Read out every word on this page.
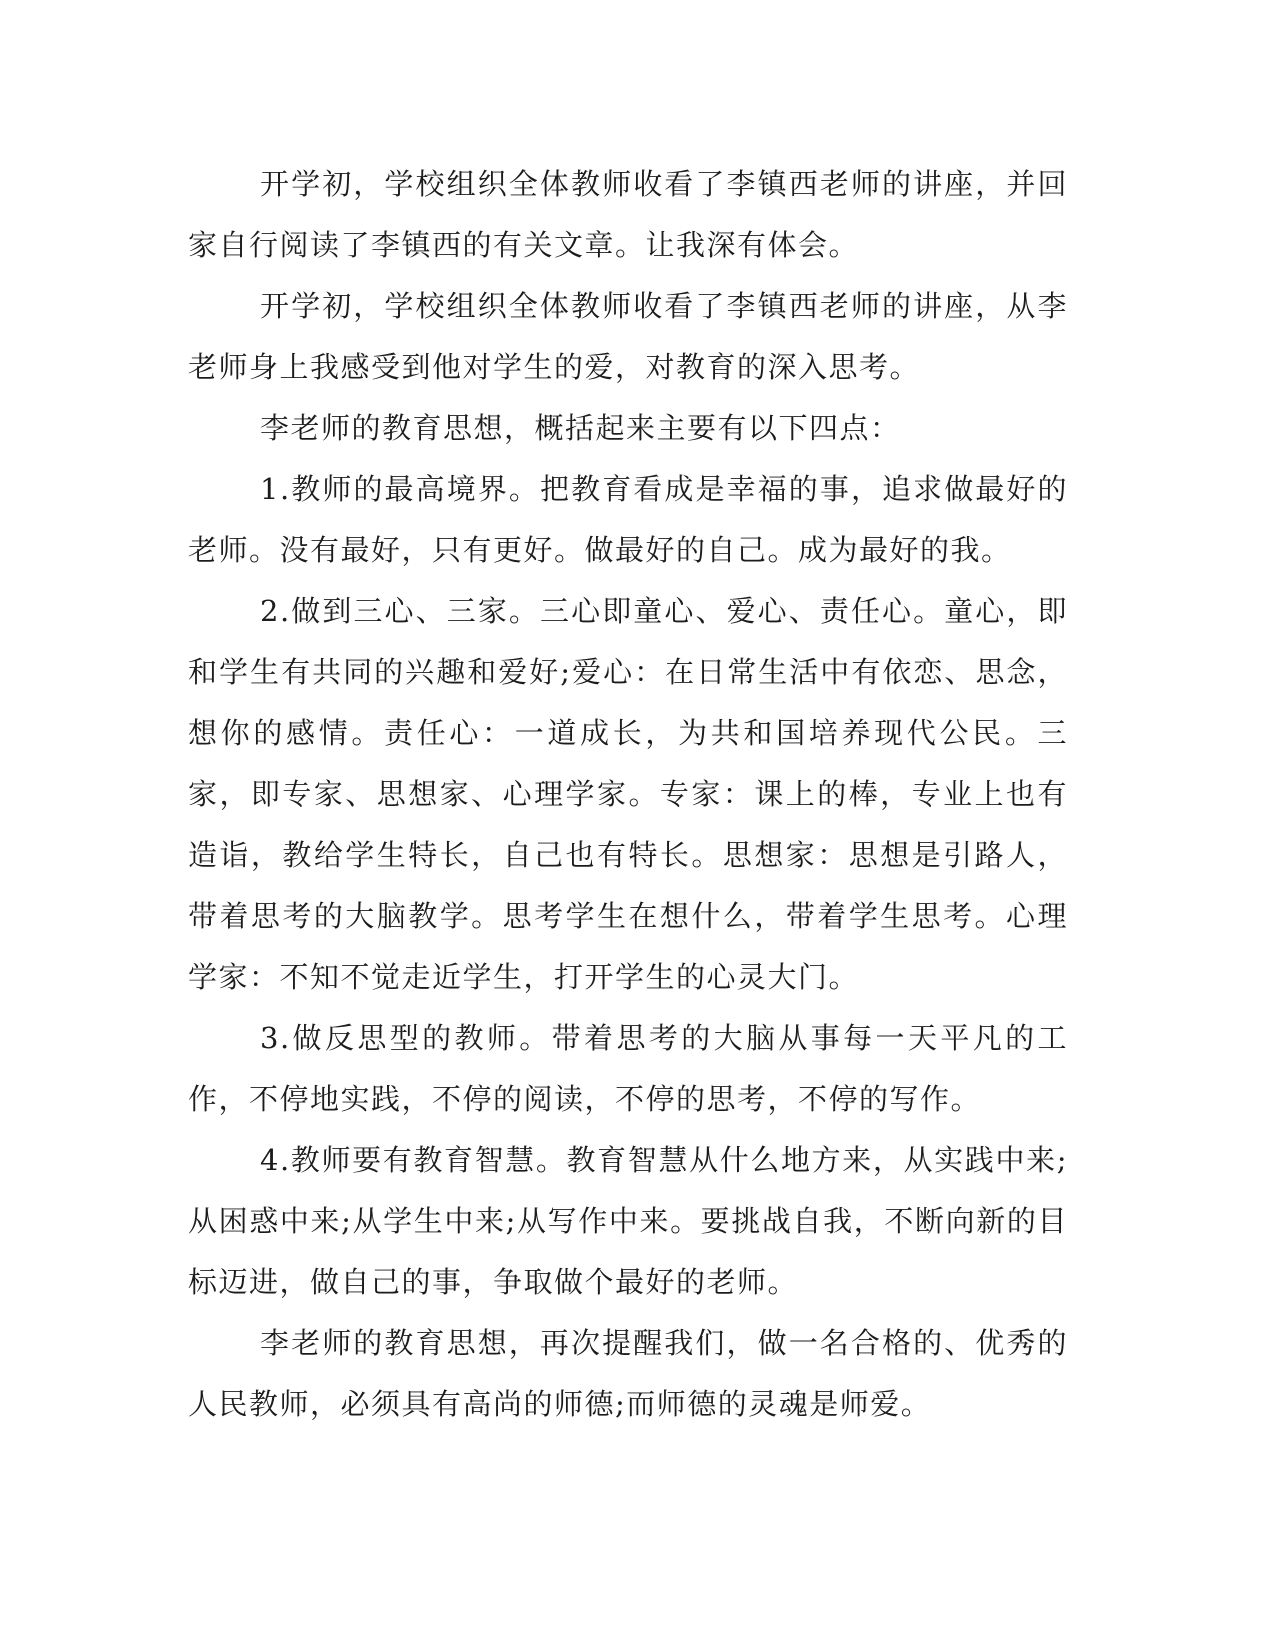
开学初，学校组织全体教师收看了李镇西老师的讲座，并回家自行阅读了李镇西的有关文章。让我深有体会。

开学初，学校组织全体教师收看了李镇西老师的讲座，从李老师身上我感受到他对学生的爱，对教育的深入思考。

李老师的教育思想，概括起来主要有以下四点：

1.教师的最高境界。把教育看成是幸福的事，追求做最好的老师。没有最好，只有更好。做最好的自己。成为最好的我。

2.做到三心、三家。三心即童心、爱心、责任心。童心，即和学生有共同的兴趣和爱好;爱心：在日常生活中有依恋、思念，想你的感情。责任心：一道成长，为共和国培养现代公民。三家，即专家、思想家、心理学家。专家：课上的棒，专业上也有造诣，教给学生特长，自己也有特长。思想家：思想是引路人，带着思考的大脑教学。思考学生在想什么，带着学生思考。心理学家：不知不觉走近学生，打开学生的心灵大门。

3.做反思型的教师。带着思考的大脑从事每一天平凡的工作，不停地实践，不停的阅读，不停的思考，不停的写作。

4.教师要有教育智慧。教育智慧从什么地方来，从实践中来;从困惑中来;从学生中来;从写作中来。要挑战自我，不断向新的目标迈进，做自己的事，争取做个最好的老师。

李老师的教育思想，再次提醒我们，做一名合格的、优秀的人民教师，必须具有高尚的师德;而师德的灵魂是师爱。
